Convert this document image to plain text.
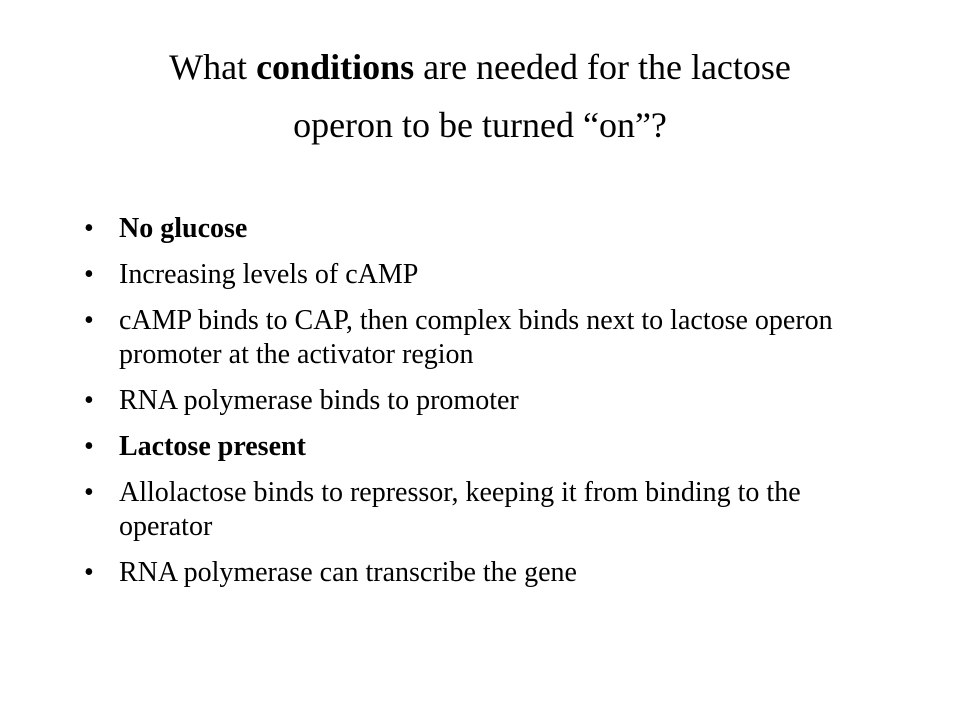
What conditions are needed for the lactose
operon to be turned “on”?
• No glucose
• Increasing levels of cAMP
• cAMP binds to CAP, then complex binds next to lactose operon promoter at the activator region
• RNA polymerase binds to promoter
• Lactose present
• Allolactose binds to repressor, keeping it from binding to the operator
• RNA polymerase can transcribe the gene
